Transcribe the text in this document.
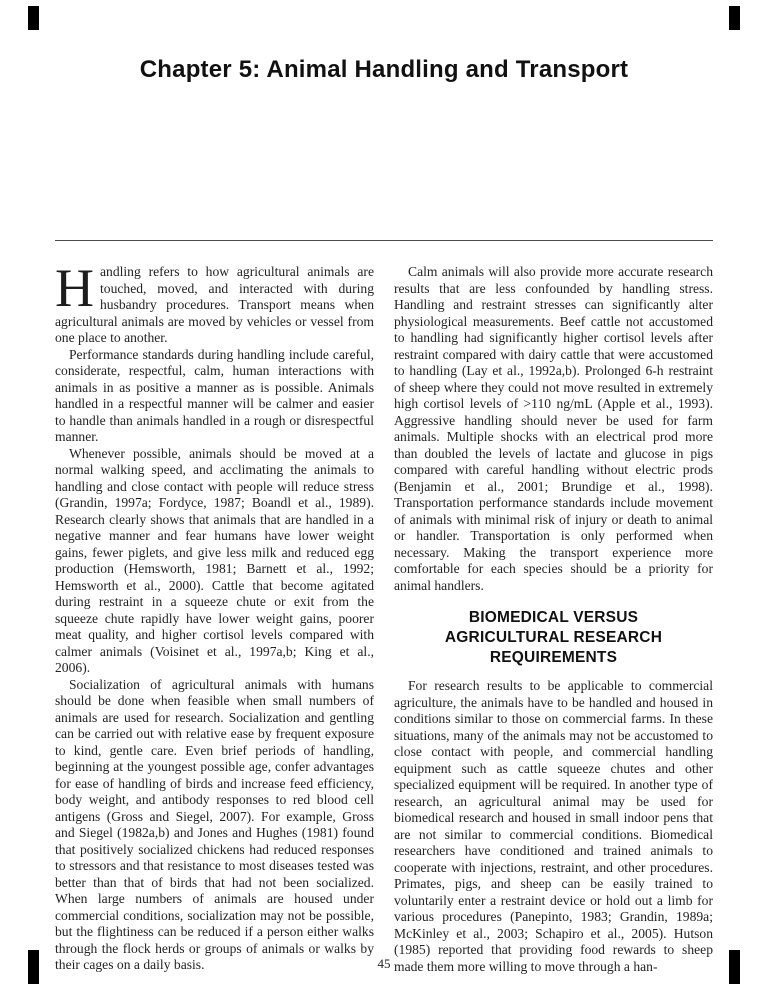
Chapter 5: Animal Handling and Transport

Handling refers to how agricultural animals are touched, moved, and interacted with during husbandry procedures. Transport means when agricultural animals are moved by vehicles or vessel from one place to another.

Performance standards during handling include careful, considerate, respectful, calm, human interactions with animals in as positive a manner as is possible. Animals handled in a respectful manner will be calmer and easier to handle than animals handled in a rough or disrespectful manner.

Whenever possible, animals should be moved at a normal walking speed, and acclimating the animals to handling and close contact with people will reduce stress (Grandin, 1997a; Fordyce, 1987; Boandl et al., 1989). Research clearly shows that animals that are handled in a negative manner and fear humans have lower weight gains, fewer piglets, and give less milk and reduced egg production (Hemsworth, 1981; Barnett et al., 1992; Hemsworth et al., 2000). Cattle that become agitated during restraint in a squeeze chute or exit from the squeeze chute rapidly have lower weight gains, poorer meat quality, and higher cortisol levels compared with calmer animals (Voisinet et al., 1997a,b; King et al., 2006).

Socialization of agricultural animals with humans should be done when feasible when small numbers of animals are used for research. Socialization and gentling can be carried out with relative ease by frequent exposure to kind, gentle care. Even brief periods of handling, beginning at the youngest possible age, confer advantages for ease of handling of birds and increase feed efficiency, body weight, and antibody responses to red blood cell antigens (Gross and Siegel, 2007). For example, Gross and Siegel (1982a,b) and Jones and Hughes (1981) found that positively socialized chickens had reduced responses to stressors and that resistance to most diseases tested was better than that of birds that had not been socialized. When large numbers of animals are housed under commercial conditions, socialization may not be possible, but the flightiness can be reduced if a person either walks through the flock herds or groups of animals or walks by their cages on a daily basis.

Calm animals will also provide more accurate research results that are less confounded by handling stress. Handling and restraint stresses can significantly alter physiological measurements. Beef cattle not accustomed to handling had significantly higher cortisol levels after restraint compared with dairy cattle that were accustomed to handling (Lay et al., 1992a,b). Prolonged 6-h restraint of sheep where they could not move resulted in extremely high cortisol levels of >110 ng/mL (Apple et al., 1993). Aggressive handling should never be used for farm animals. Multiple shocks with an electrical prod more than doubled the levels of lactate and glucose in pigs compared with careful handling without electric prods (Benjamin et al., 2001; Brundige et al., 1998). Transportation performance standards include movement of animals with minimal risk of injury or death to animal or handler. Transportation is only performed when necessary. Making the transport experience more comfortable for each species should be a priority for animal handlers.

BIOMEDICAL VERSUS
AGRICULTURAL RESEARCH
REQUIREMENTS

For research results to be applicable to commercial agriculture, the animals have to be handled and housed in conditions similar to those on commercial farms. In these situations, many of the animals may not be accustomed to close contact with people, and commercial handling equipment such as cattle squeeze chutes and other specialized equipment will be required. In another type of research, an agricultural animal may be used for biomedical research and housed in small indoor pens that are not similar to commercial conditions. Biomedical researchers have conditioned and trained animals to cooperate with injections, restraint, and other procedures. Primates, pigs, and sheep can be easily trained to voluntarily enter a restraint device or hold out a limb for various procedures (Panepinto, 1983; Grandin, 1989a; McKinley et al., 2003; Schapiro et al., 2005). Hutson (1985) reported that providing food rewards to sheep made them more willing to move through a han-

45
